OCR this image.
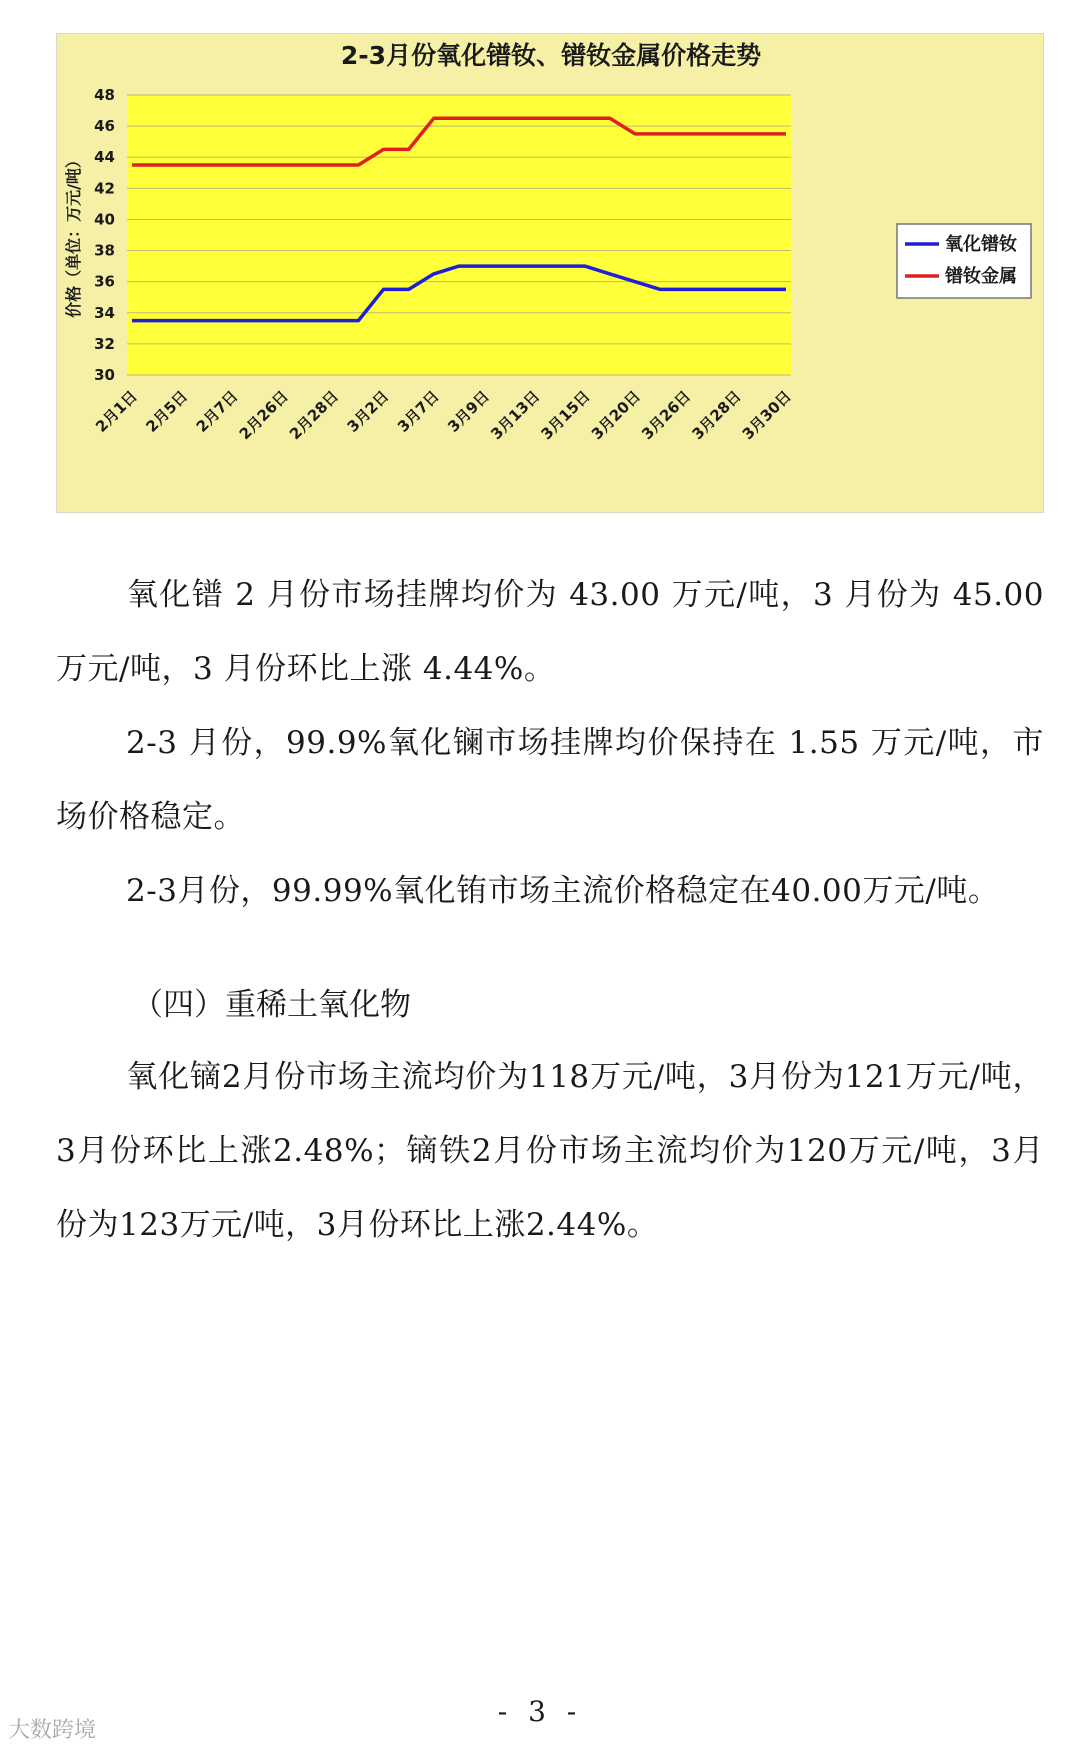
2-3月份氧化镨钕、镨钕金属价格走势
30
32
34
36
38
40
42
44
46
48
2月1日 2月5日 2月7日
2月26日
2月28日 3月2日 3月7日 3月9日
3月13日
3月15日
3月20日
3月26日
3月28日
3月30日
价格（单位：万元/吨）	氧化镨钕
镨钕金属

氧化镨 2 月份市场挂牌均价为 43.00 万元/吨，3 月份为 45.00 万元/吨，3 月份环比上涨 4.44%。

2-3 月份，99.9%氧化镧市场挂牌均价保持在 1.55 万元/吨，市场价格稳定。

2-3月份，99.99%氧化铕市场主流价格稳定在40.00万元/吨。

（四）重稀土氧化物

氧化镝2月份市场主流均价为118万元/吨，3月份为121万元/吨，3月份环比上涨2.48%；镝铁2月份市场主流均价为120万元/吨，3月份为123万元/吨，3月份环比上涨2.44%。

- 3 -
大数跨境
